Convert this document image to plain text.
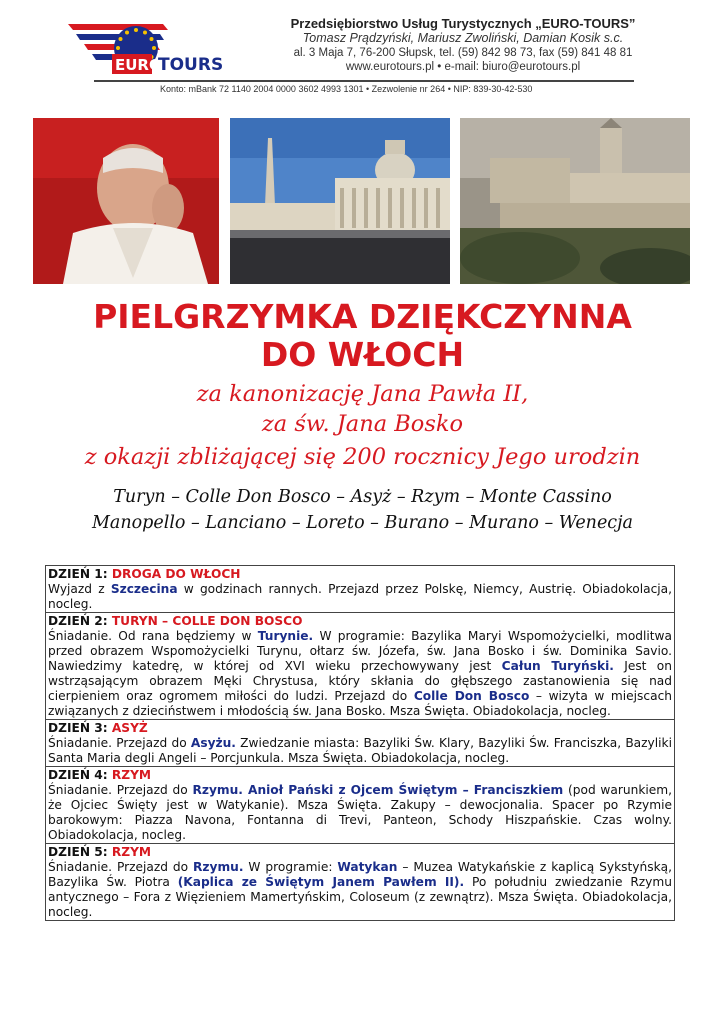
EURO
TOURS
Przedsiębiorstwo Usług Turystycznych „EURO-TOURS”
Tomasz Prądzyński, Mariusz Zwoliński, Damian Kosik s.c.
al. 3 Maja 7, 76-200 Słupsk, tel. (59) 842 98 73, fax (59) 841 48 81
www.eurotours.pl • e-mail: biuro@eurotours.pl
Konto: mBank 72 1140 2004 0000 3602 4993 1301 • Zezwolenie nr 264 • NIP: 839-30-42-530
PIELGRZYMKA DZIĘKCZYNNA
DO WŁOCH
za kanonizację Jana Pawła II,
za św. Jana Bosko
z okazji zbliżającej się 200 rocznicy Jego urodzin
Turyn – Colle Don Bosco – Asyż – Rzym – Monte Cassino
Manopello – Lanciano – Loreto – Burano – Murano – Wenecja
DZIEŃ 1: DROGA DO WŁOCH
Wyjazd z Szczecina w godzinach rannych. Przejazd przez Polskę, Niemcy, Austrię. Obiadokolacja, nocleg.
DZIEŃ 2: TURYN – COLLE DON BOSCO
Śniadanie. Od rana będziemy w Turynie. W programie: Bazylika Maryi Wspomożycielki, modlitwa przed obrazem Wspomożycielki Turynu, ołtarz św. Józefa, św. Jana Bosko i św. Dominika Savio. Nawiedzimy katedrę, w której od XVI wieku przechowywany jest Całun Turyński. Jest on wstrząsającym obrazem Męki Chrystusa, który skłania do głębszego zastanowienia się nad cierpieniem oraz ogromem miłości do ludzi. Przejazd do Colle Don Bosco – wizyta w miejscach związanych z dzieciństwem i młodością św. Jana Bosko. Msza Święta. Obiadokolacja, nocleg.
DZIEŃ 3: ASYŻ
Śniadanie. Przejazd do Asyżu. Zwiedzanie miasta: Bazyliki Św. Klary, Bazyliki Św. Franciszka, Bazyliki Santa Maria degli Angeli – Porcjunkula. Msza Święta. Obiadokolacja, nocleg.
DZIEŃ 4: RZYM
Śniadanie. Przejazd do Rzymu. Anioł Pański z Ojcem Świętym – Franciszkiem (pod warunkiem, że Ojciec Święty jest w Watykanie). Msza Święta. Zakupy – dewocjonalia. Spacer po Rzymie barokowym: Piazza Navona, Fontanna di Trevi, Panteon, Schody Hiszpańskie. Czas wolny. Obiadokolacja, nocleg.
DZIEŃ 5: RZYM
Śniadanie. Przejazd do Rzymu. W programie: Watykan – Muzea Watykańskie z kaplicą Sykstyńską, Bazylika Św. Piotra (Kaplica ze Świętym Janem Pawłem II). Po południu zwiedzanie Rzymu antycznego – Fora z Więzieniem Mamertyńskim, Coloseum (z zewnątrz). Msza Święta. Obiadokolacja, nocleg.
